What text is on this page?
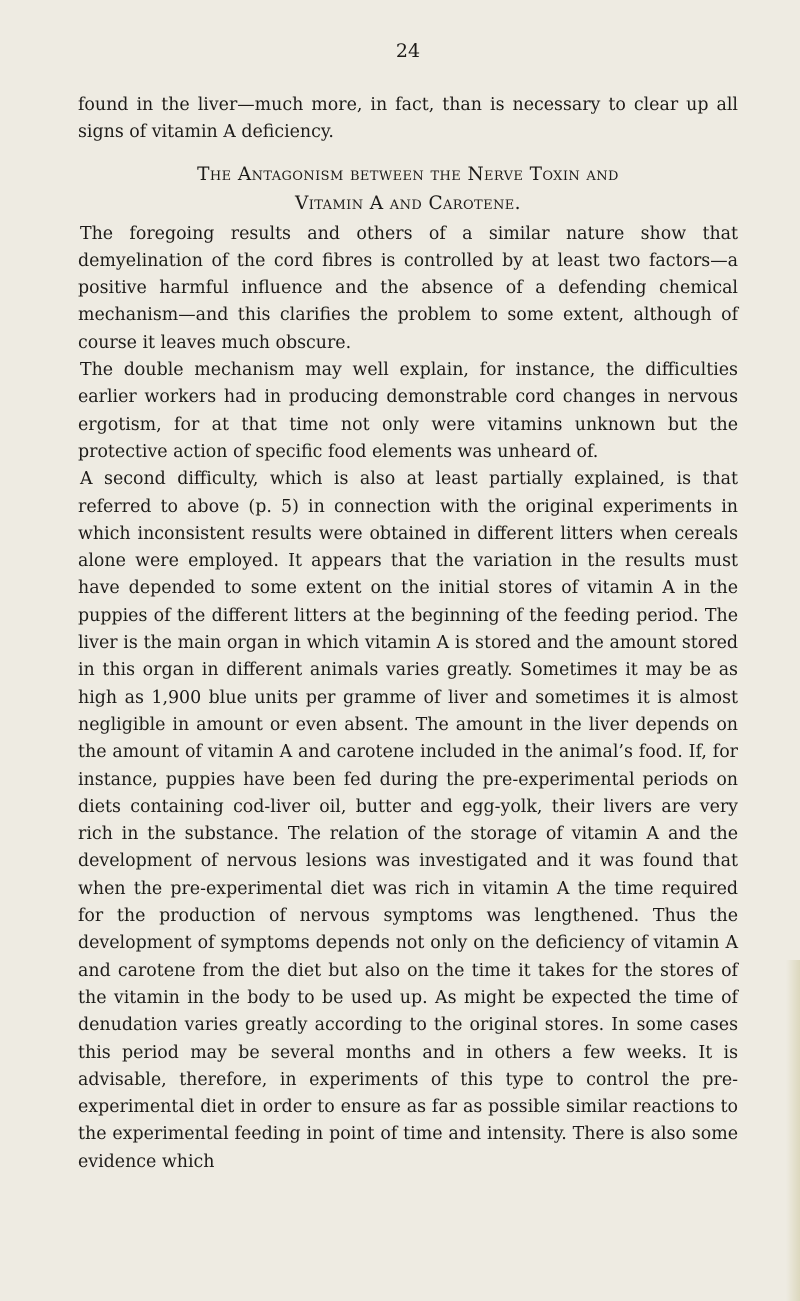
24

found in the liver—much more, in fact, than is necessary to clear up all signs of vitamin A deficiency.

The Antagonism between the Nerve Toxin and
Vitamin A and Carotene.

The foregoing results and others of a similar nature show that demyelination of the cord fibres is controlled by at least two factors—a positive harmful influence and the absence of a defending chemical mechanism—and this clarifies the problem to some extent, although of course it leaves much obscure.

The double mechanism may well explain, for instance, the difficulties earlier workers had in producing demonstrable cord changes in nervous ergotism, for at that time not only were vitamins unknown but the protective action of specific food elements was unheard of.

A second difficulty, which is also at least partially explained, is that referred to above (p. 5) in connection with the original experiments in which inconsistent results were obtained in different litters when cereals alone were employed. It appears that the variation in the results must have depended to some extent on the initial stores of vitamin A in the puppies of the different litters at the beginning of the feeding period. The liver is the main organ in which vitamin A is stored and the amount stored in this organ in different animals varies greatly. Sometimes it may be as high as 1,900 blue units per gramme of liver and sometimes it is almost negligible in amount or even absent. The amount in the liver depends on the amount of vitamin A and carotene included in the animal’s food. If, for instance, puppies have been fed during the pre-experimental periods on diets containing cod-liver oil, butter and egg-yolk, their livers are very rich in the substance. The relation of the storage of vitamin A and the development of nervous lesions was investigated and it was found that when the pre-experimental diet was rich in vitamin A the time required for the production of nervous symptoms was lengthened. Thus the development of symptoms depends not only on the deficiency of vitamin A and carotene from the diet but also on the time it takes for the stores of the vitamin in the body to be used up. As might be expected the time of denudation varies greatly according to the original stores. In some cases this period may be several months and in others a few weeks. It is advisable, therefore, in experiments of this type to control the pre-experimental diet in order to ensure as far as possible similar reactions to the experimental feeding in point of time and intensity. There is also some evidence which
